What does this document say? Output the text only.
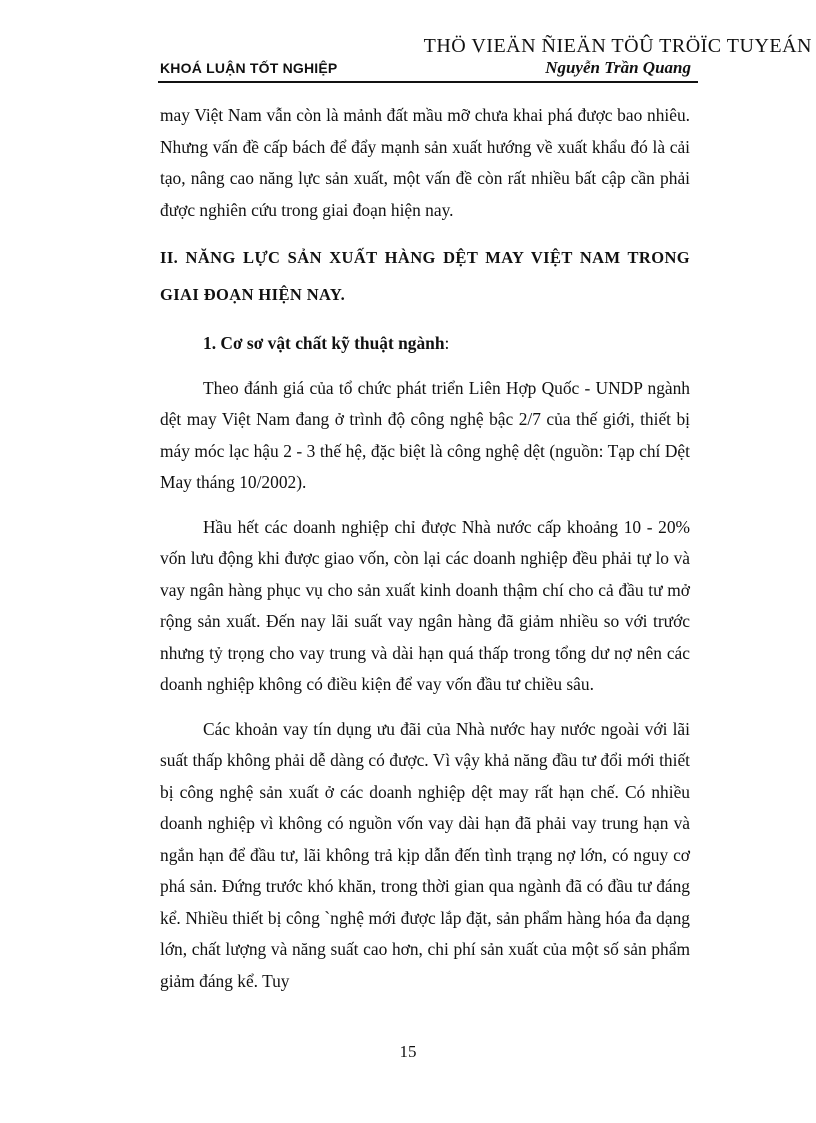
THÖ VIEÄN ÑIEÄN TÖÛ TRÖÏC TUYEÁN
KHOÁ LUẬN TỐT NGHIỆP	Nguyễn Trần Quang

may Việt Nam vẫn còn là mảnh đất mầu mỡ chưa khai phá được bao nhiêu. Nhưng vấn đề cấp bách để đẩy mạnh sản xuất hướng về xuất khẩu đó là cải tạo, nâng cao năng lực sản xuất, một vấn đề còn rất nhiều bất cập cần phải được nghiên cứu trong giai đoạn hiện nay.

II. NĂNG LỰC SẢN XUẤT HÀNG DỆT MAY VIỆT NAM TRONG GIAI ĐOẠN HIỆN NAY.
1. Cơ sơ vật chất kỹ thuật ngành:

Theo đánh giá của tổ chức phát triển Liên Hợp Quốc - UNDP ngành dệt may Việt Nam đang ở trình độ công nghệ bậc 2/7 của thế giới, thiết bị máy móc lạc hậu 2 - 3 thế hệ, đặc biệt là công nghệ dệt (nguồn: Tạp chí Dệt May tháng 10/2002).

Hầu hết các doanh nghiệp chỉ được Nhà nước cấp khoảng 10 - 20% vốn lưu động khi được giao vốn, còn lại các doanh nghiệp đều phải tự lo và vay ngân hàng phục vụ cho sản xuất kinh doanh thậm chí cho cả đầu tư mở rộng sản xuất. Đến nay lãi suất vay ngân hàng đã giảm nhiều so với trước nhưng tỷ trọng cho vay trung và dài hạn quá thấp trong tổng dư nợ nên các doanh nghiệp không có điều kiện để vay vốn đầu tư chiều sâu.

Các khoản vay tín dụng ưu đãi của Nhà nước hay nước ngoài với lãi suất thấp không phải dễ dàng có được. Vì vậy khả năng đầu tư đổi mới thiết bị công nghệ sản xuất ở các doanh nghiệp dệt may rất hạn chế. Có nhiều doanh nghiệp vì không có nguồn vốn vay dài hạn đã phải vay trung hạn và ngắn hạn để đầu tư, lãi không trả kịp dẫn đến tình trạng nợ lớn, có nguy cơ phá sản. Đứng trước khó khăn, trong thời gian qua ngành đã có đầu tư đáng kể. Nhiều thiết bị công `nghệ mới được lắp đặt, sản phẩm hàng hóa đa dạng lớn, chất lượng và năng suất cao hơn, chi phí sản xuất của một số sản phẩm giảm đáng kể. Tuy

15
